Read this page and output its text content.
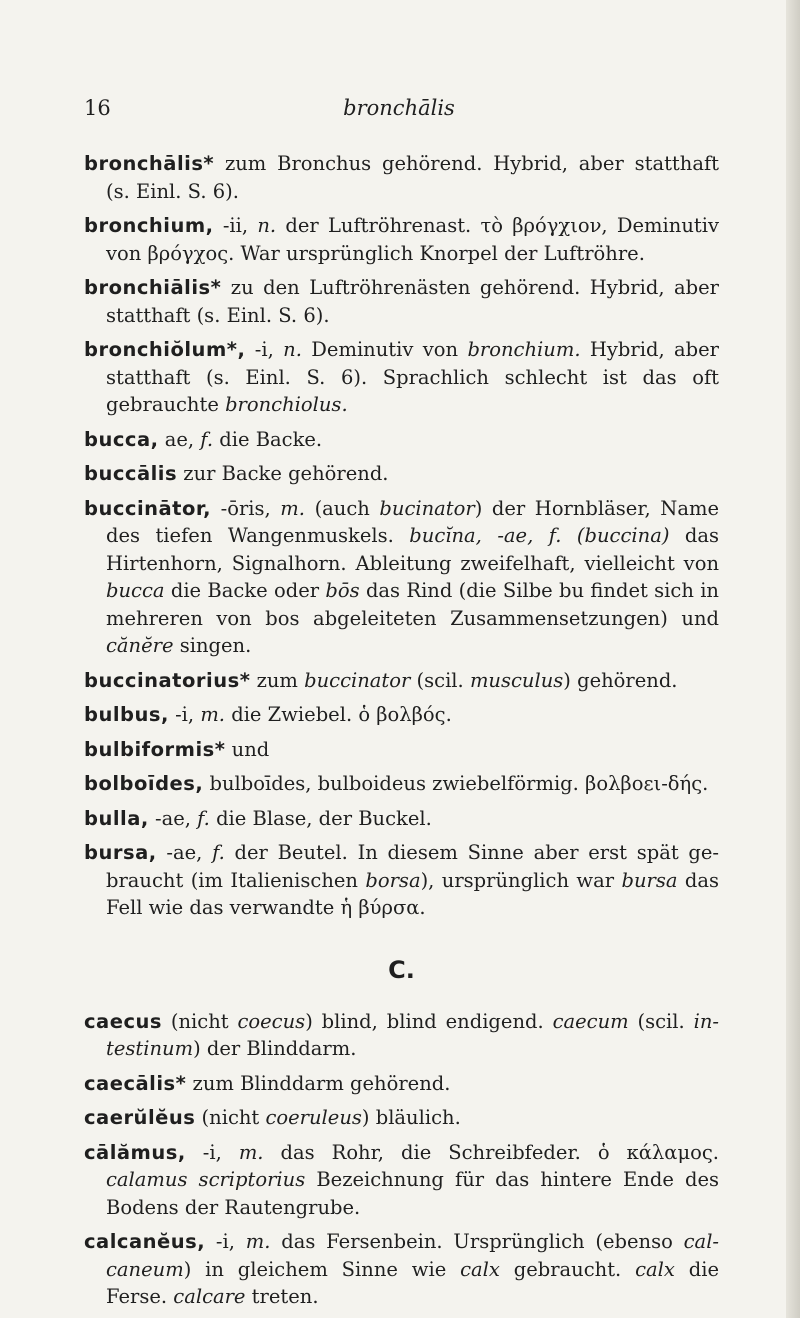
16	bronchālis

bronchālis* zum Bronchus gehörend. Hybrid, aber statthaft (s. Einl. S. 6).

bronchium, -ii, n. der Luftröhrenast. τὸ βρόγχιον, Deminutiv von βρόγχος. War ursprünglich Knorpel der Luftröhre.

bronchiālis* zu den Luftröhrenästen gehörend. Hybrid, aber statthaft (s. Einl. S. 6).

bronchiŏlum*, -i, n. Deminutiv von bronchium. Hybrid, aber statthaft (s. Einl. S. 6). Sprachlich schlecht ist das oft gebrauchte bronchiolus.

bucca, ae, f. die Backe.

buccālis zur Backe gehörend.

buccinātor, -ōris, m. (auch bucinator) der Hornbläser, Name des tiefen Wangenmuskels. bucĭna, -ae, f. (buccina) das Hirtenhorn, Signalhorn. Ableitung zweifelhaft, vielleicht von bucca die Backe oder bōs das Rind (die Silbe bu findet sich in mehreren von bos abgeleiteten Zusammensetzungen) und cănĕre singen.

buccinatorius* zum buccinator (scil. musculus) gehörend.

bulbus, -i, m. die Zwiebel. ὁ βολβός.

bulbiformis* und

bolboīdes, bulboīdes, bulboideus zwiebelförmig. βολβοει-δής.

bulla, -ae, f. die Blase, der Buckel.

bursa, -ae, f. der Beutel. In diesem Sinne aber erst spät ge-braucht (im Italienischen borsa), ursprünglich war bursa das Fell wie das verwandte ἡ βύρσα.

C.

caecus (nicht coecus) blind, blind endigend. caecum (scil. in-testinum) der Blinddarm.

caecālis* zum Blinddarm gehörend.

caerŭlĕus (nicht coeruleus) bläulich.

cālămus, -i, m. das Rohr, die Schreibfeder. ὁ κάλαμος. calamus scriptorius Bezeichnung für das hintere Ende des Bodens der Rautengrube.

calcanĕus, -i, m. das Fersenbein. Ursprünglich (ebenso cal-caneum) in gleichem Sinne wie calx gebraucht. calx die Ferse. calcare treten.
